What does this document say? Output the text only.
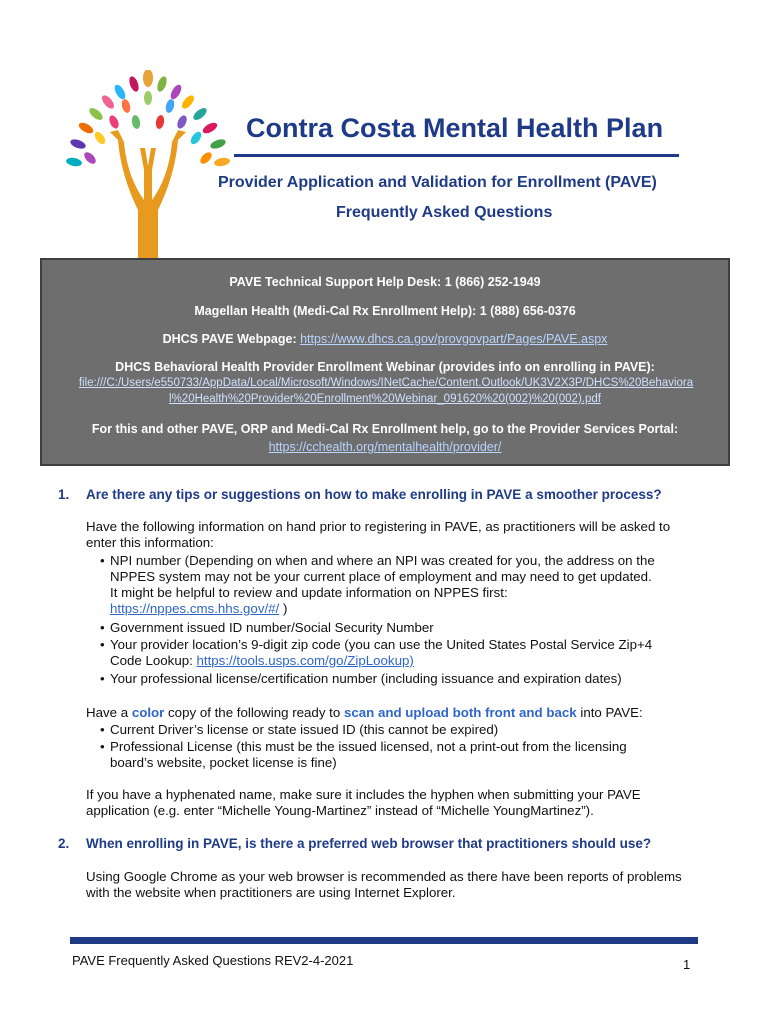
Contra Costa Mental Health Plan
Provider Application and Validation for Enrollment (PAVE)
Frequently Asked Questions
PAVE Technical Support Help Desk: 1 (866) 252-1949
Magellan Health (Medi-Cal Rx Enrollment Help): 1 (888) 656-0376
DHCS PAVE Webpage: https://www.dhcs.ca.gov/provgovpart/Pages/PAVE.aspx
DHCS Behavioral Health Provider Enrollment Webinar (provides info on enrolling in PAVE):
file:///C:/Users/e550733/AppData/Local/Microsoft/Windows/INetCache/Content.Outlook/UK3V2X3P/DHCS%20Behaviora
l%20Health%20Provider%20Enrollment%20Webinar_091620%20(002)%20(002).pdf
For this and other PAVE, ORP and Medi-Cal Rx Enrollment help, go to the Provider Services Portal:
https://cchealth.org/mentalhealth/provider/
1. Are there any tips or suggestions on how to make enrolling in PAVE a smoother process?
Have the following information on hand prior to registering in PAVE, as practitioners will be asked to
enter this information:
• NPI number (Depending on when and where an NPI was created for you, the address on the
NPPES system may not be your current place of employment and may need to get updated.
It might be helpful to review and update information on NPPES first:
https://nppes.cms.hhs.gov/#/ )
• Government issued ID number/Social Security Number
• Your provider location’s 9-digit zip code (you can use the United States Postal Service Zip+4
Code Lookup: https://tools.usps.com/go/ZipLookup)
• Your professional license/certification number (including issuance and expiration dates)
Have a color copy of the following ready to scan and upload both front and back into PAVE:
• Current Driver’s license or state issued ID (this cannot be expired)
• Professional License (this must be the issued licensed, not a print-out from the licensing
board’s website, pocket license is fine)
If you have a hyphenated name, make sure it includes the hyphen when submitting your PAVE
application (e.g. enter “Michelle Young-Martinez” instead of “Michelle YoungMartinez”).
2. When enrolling in PAVE, is there a preferred web browser that practitioners should use?
Using Google Chrome as your web browser is recommended as there have been reports of problems
with the website when practitioners are using Internet Explorer.
PAVE Frequently Asked Questions REV2-4-2021	1
